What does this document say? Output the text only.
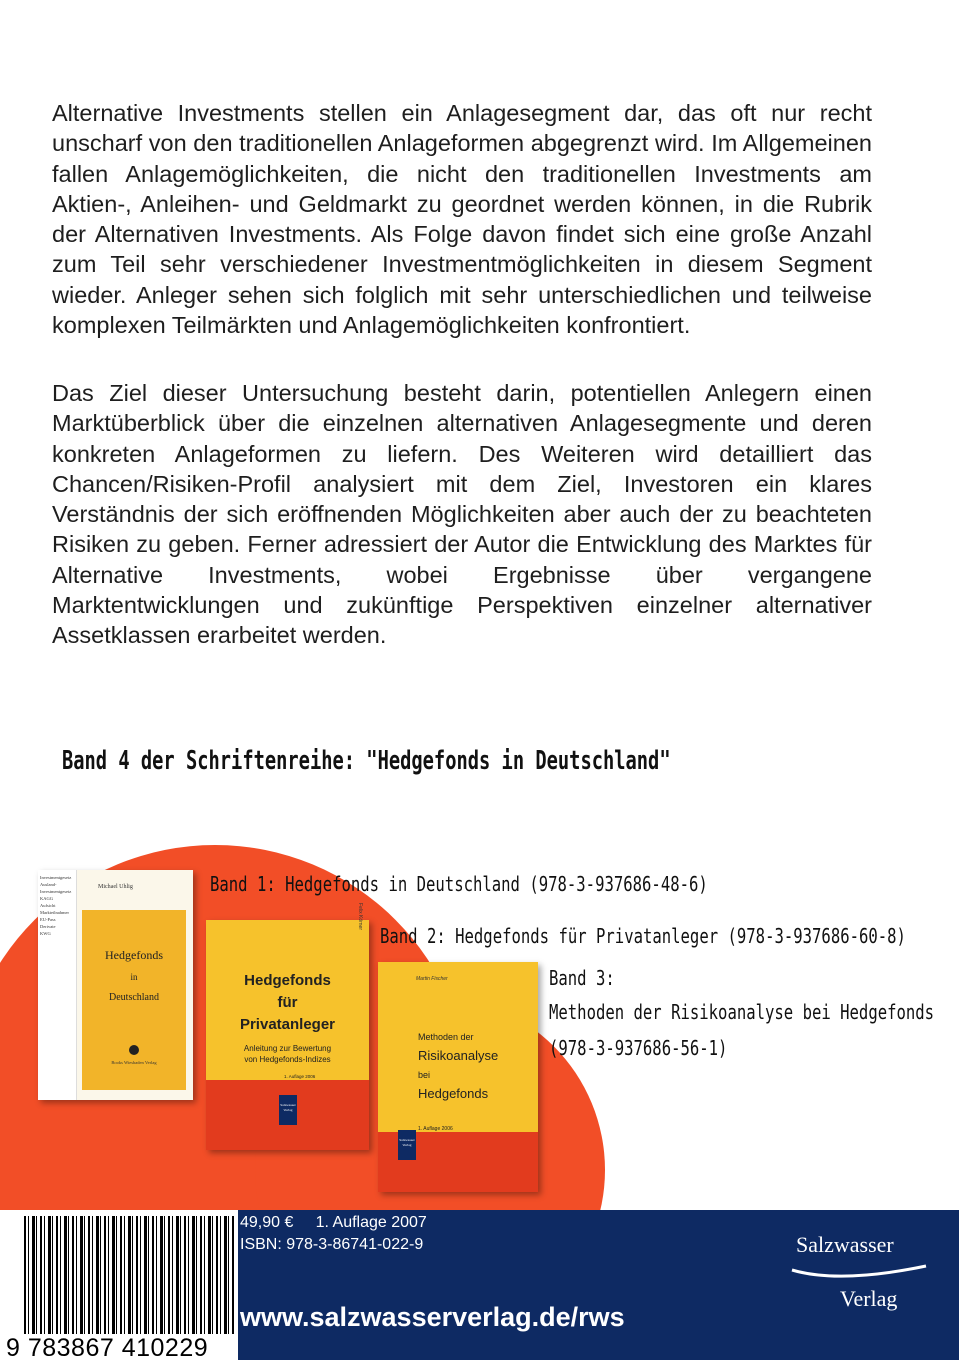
Alternative Investments stellen ein Anlagesegment dar, das oft nur recht unscharf von den traditionellen Anlageformen abgegrenzt wird. Im Allgemeinen fallen Anlagemöglichkeiten, die nicht den traditionellen Investments am Aktien-, Anleihen- und Geldmarkt zu geordnet werden können, in die Rubrik der Alternativen Investments. Als Folge davon findet sich eine große Anzahl zum Teil sehr verschiedener Investmentmöglichkeiten in diesem Segment wieder. Anleger sehen sich folglich mit sehr unterschiedlichen und teilweise komplexen Teilmärkten und Anlagemöglichkeiten konfrontiert.

Das Ziel dieser Untersuchung besteht darin, potentiellen Anlegern einen Marktüberblick über die einzelnen alternativen Anlagesegmente und deren konkreten Anlageformen zu liefern. Des Weiteren wird detailliert das Chancen/Risiken-Profil analysiert mit dem Ziel, Investoren ein klares Verständnis der sich eröffnenden Möglichkeiten aber auch der zu beachteten Risiken zu geben. Ferner adressiert der Autor die Entwicklung des Marktes für Alternative Investments, wobei Ergebnisse über vergangene Marktentwicklungen und zukünftige Perspektiven einzelner alternativer Assetklassen erarbeitet werden.

Band 4 der Schriftenreihe: "Hedgefonds in Deutschland"
Investmentgesetz
Ausland-
Investmentgesetz
KAGG
Aufsicht
Markteilnahmer
EU-Pass
Derivate
KWG
Michael Uhlig
Hedgefonds
in
Deutschland
Books Wiesbaden Verlag
Felix Körner
Hedgefonds
für
Privatanleger
Anleitung zur Bewertung
von Hedgefonds-Indizes
1. Auflage 2006
Salzwasser
Verlag
Martin Fischer
Methoden der
Risikoanalyse
bei
Hedgefonds
1. Auflage 2006
Salzwasser
Verlag
Band 1: Hedgefonds in Deutschland (978-3-937686-48-6)
Band 2: Hedgefonds für Privatanleger (978-3-937686-60-8)
Band 3:
Methoden der Risikoanalyse bei Hedgefonds
(978-3-937686-56-1)
9 783867 410229
49,90 €     1. Auflage 2007
ISBN: 978-3-86741-022-9
www.salzwasserverlag.de/rws
Salzwasser
Verlag
